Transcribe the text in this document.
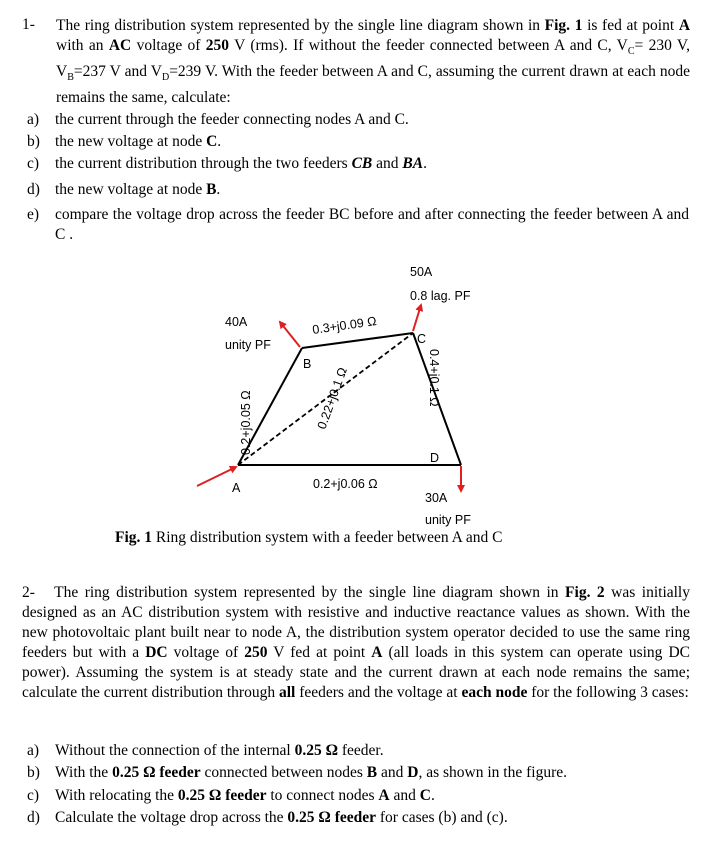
1- The ring distribution system represented by the single line diagram shown in Fig. 1 is fed at point A with an AC voltage of 250 V (rms). If without the feeder connected between A and C, $V_C= 230$ V, $V_B=237$ V and $V_D=239$ V. With the feeder between A and C, assuming the current drawn at each node remains the same, calculate:
a) the current through the feeder connecting nodes A and C.
b) the new voltage at node C.
c) the current distribution through the two feeders CB and BA.
d) the new voltage at node B.
e) compare the voltage drop across the feeder BC before and after connecting the feeder between A and C .
50A
0.8 lag. PF
40A
unity PF
0.3+j0.09 Ω
C
B
0.2+j0.05 Ω	0.22+j0.1 Ω	0.4+j0.1 Ω
D
A	0.2+j0.06 Ω
30A
unity PF
Fig. 1 Ring distribution system with a feeder between A and C
2-   The ring distribution system represented by the single line diagram shown in Fig. 2 was initially designed as an AC distribution system with resistive and inductive reactance values as shown. With the new photovoltaic plant built near to node A, the distribution system operator decided to use the same ring feeders but with a DC voltage of 250 V fed at point A (all loads in this system can operate using DC power). Assuming the system is at steady state and the current drawn at each node remains the same; calculate the current distribution through all feeders and the voltage at each node for the following 3 cases:
a) Without the connection of the internal 0.25 Ω feeder.
b) With the 0.25 Ω feeder connected between nodes B and D, as shown in the figure.
c) With relocating the 0.25 Ω feeder to connect nodes A and C.
d) Calculate the voltage drop across the 0.25 Ω feeder for cases (b) and (c).
